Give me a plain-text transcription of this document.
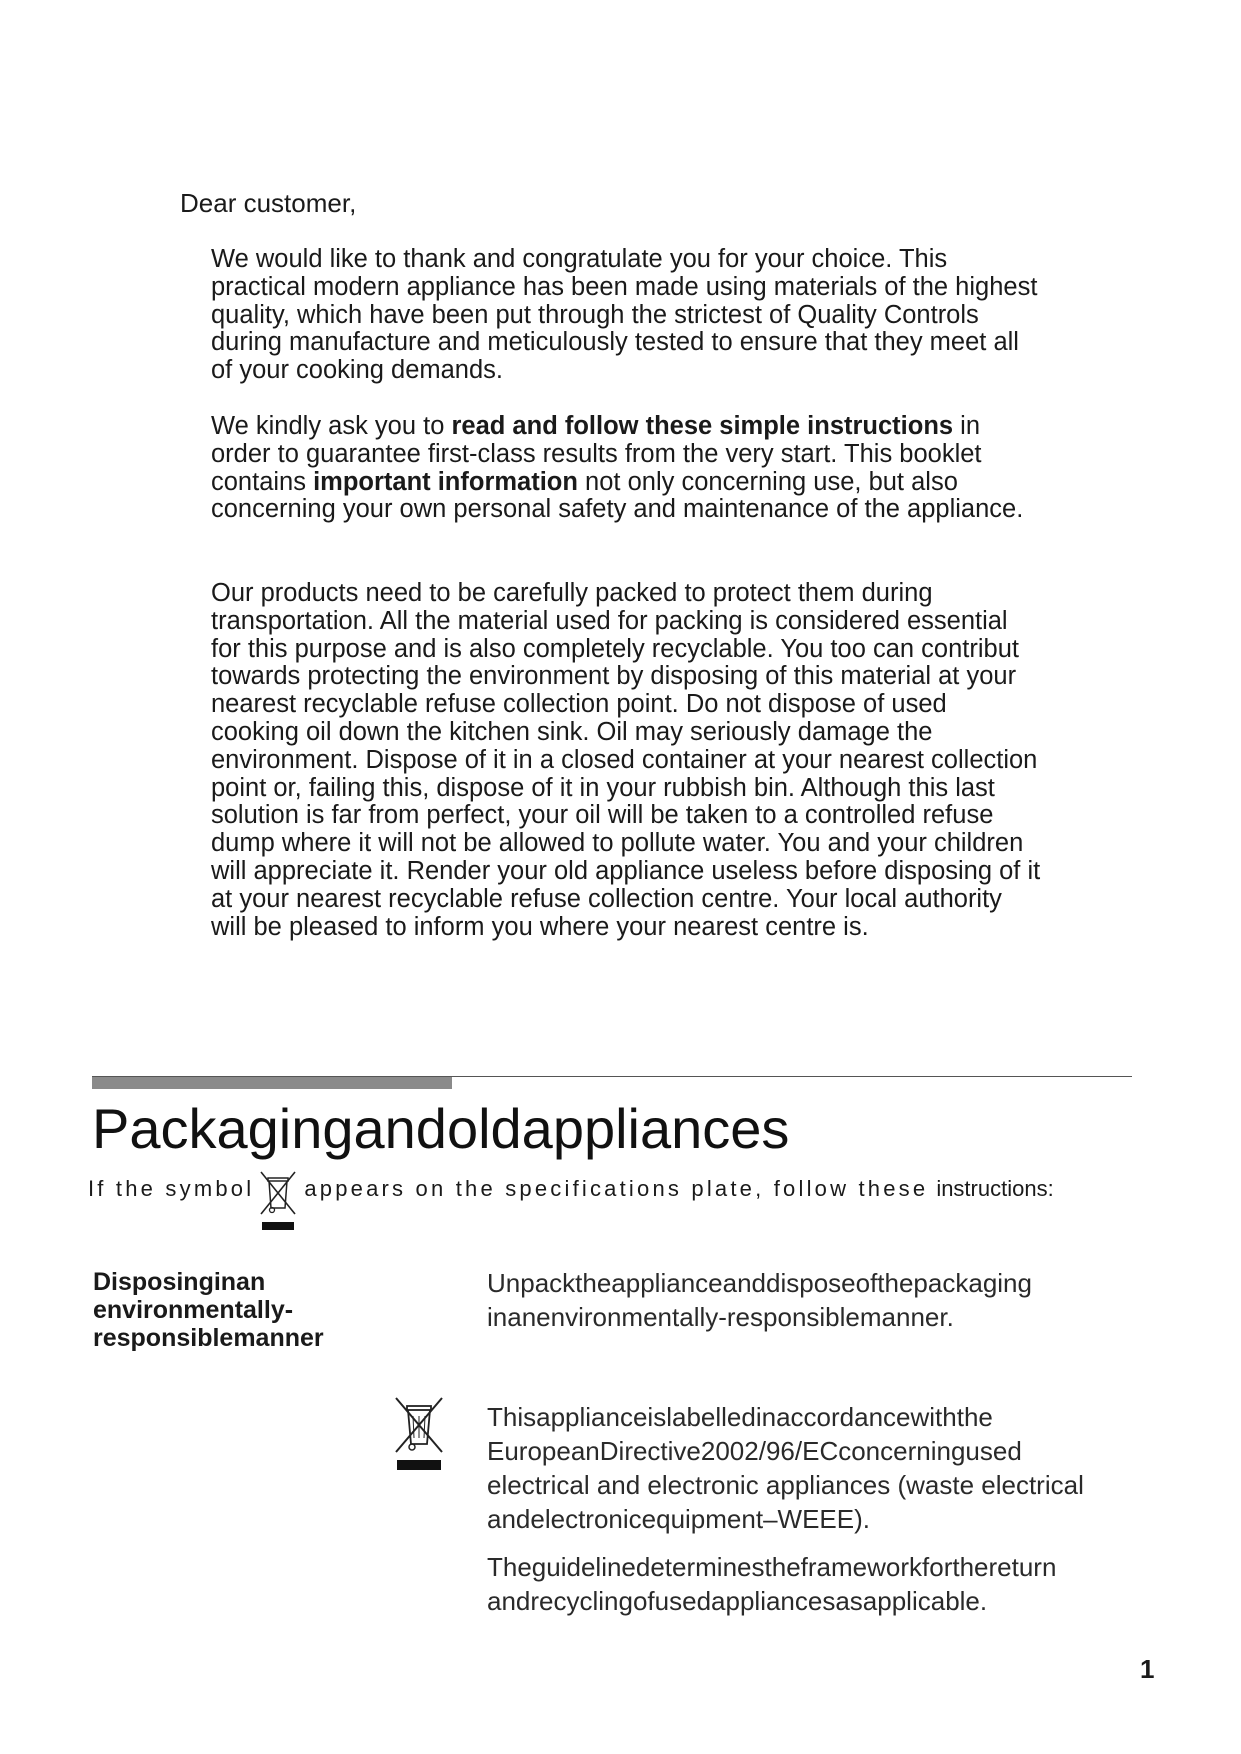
Dear customer,

We would like to thank and congratulate you for your choice. This practical modern appliance has been made using materials of the highest quality, which have been put through the strictest of Quality Controls during manufacture and meticulously tested to ensure that they meet all of your cooking demands.

We kindly ask you to read and follow these simple instructions in order to guarantee first-class results from the very start. This booklet contains important information not only concerning use, but also concerning your own personal safety and maintenance of the appliance.

Our products need to be carefully packed to protect them during transportation. All the material used for packing is considered essential for this purpose and is also completely recyclable. You too can contribut towards protecting the environment by disposing of this material at your nearest recyclable refuse collection point. Do not dispose of used cooking oil down the kitchen sink. Oil may seriously damage the environment. Dispose of it in a closed container at your nearest collection point or, failing this, dispose of it in your rubbish bin. Although this last solution is far from perfect, your oil will be taken to a controlled refuse dump where it will not be allowed to pollute water. You and your children will appreciate it. Render your old appliance useless before disposing of it at your nearest recyclable refuse collection centre. Your local authority will be pleased to inform you where your nearest centre is.

Packagingandoldappliances
If the symbol appears on the specifications plate, follow these instructions:
Disposinginan environmentally-responsiblemanner

Unpacktheapplianceanddisposeofthepackaging inanenvironmentally-responsiblemanner.

Thisapplianceislabelledinaccordancewiththe EuropeanDirective2002/96/ECconcerningused electrical and electronic appliances (waste electrical andelectronicequipment–WEEE).

Theguidelinedeterminestheframeworkforthereturn andrecyclingofusedappliancesasapplicable.

1
